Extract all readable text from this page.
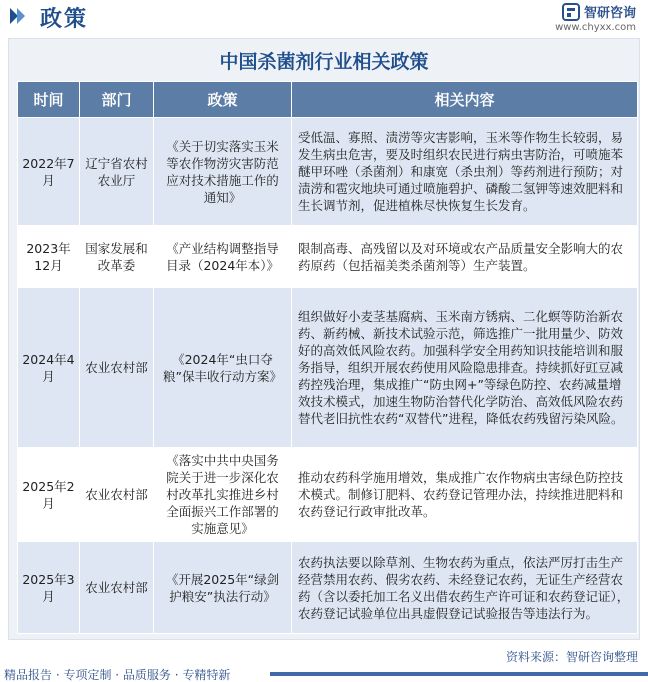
政策	智研咨询
www.chyxx.com
中国杀菌剂行业相关政策
时间	部门	政策	相关内容
2022年7月	辽宁省农村农业厅	《关于切实落实玉米等农作物涝灾害防范应对技术措施工作的通知》	受低温、寡照、渍涝等灾害影响，玉米等作物生长较弱，易发生病虫危害，要及时组织农民进行病虫害防治，可喷施苯醚甲环唑（杀菌剂）和康宽（杀虫剂）等药剂进行预防；对渍涝和雹灾地块可通过喷施碧护、磷酸二氢钾等速效肥料和生长调节剂，促进植株尽快恢复生长发育。
2023年12月	国家发展和改革委	《产业结构调整指导目录（2024年本）》	限制高毒、高残留以及对环境或农产品质量安全影响大的农药原药（包括福美类杀菌剂等）生产装置。
2024年4月	农业农村部	《2024年“虫口夺粮”保丰收行动方案》	组织做好小麦茎基腐病、玉米南方锈病、二化螟等防治新农药、新药械、新技术试验示范，筛选推广一批用量少、防效好的高效低风险农药。加强科学安全用药知识技能培训和服务指导，组织开展农药使用风险隐患排查。持续抓好豇豆减药控残治理，集成推广“防虫网+”等绿色防控、农药减量增效技术模式，加速生物防治替代化学防治、高效低风险农药替代老旧抗性农药“双替代”进程，降低农药残留污染风险。
2025年2月	农业农村部	《落实中共中央国务院关于进一步深化农村改革扎实推进乡村全面振兴工作部署的实施意见》	推动农药科学施用增效，集成推广农作物病虫害绿色防控技术模式。制修订肥料、农药登记管理办法，持续推进肥料和农药登记行政审批改革。
2025年3月	农业农村部	《开展2025年“绿剑护粮安”执法行动》	农药执法要以除草剂、生物农药为重点，依法严厉打击生产经营禁用农药、假劣农药、未经登记农药，无证生产经营农药（含以委托加工名义出借农药生产许可证和农药登记证），农药登记试验单位出具虚假登记试验报告等违法行为。
资料来源：智研咨询整理
精品报告 · 专项定制 · 品质服务 · 专精特新
